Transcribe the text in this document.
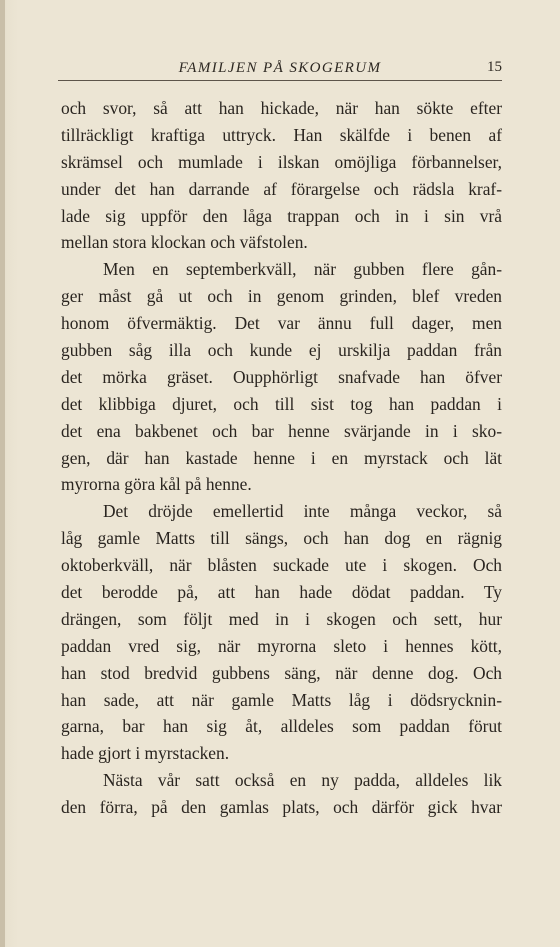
FAMILJEN PÅ SKOGERUM	15
och svor, så att han hickade, när han sökte efter
tillräckligt kraftiga uttryck. Han skälfde i benen af
skrämsel och mumlade i ilskan omöjliga förbannelser,
under det han darrande af förargelse och rädsla kraf-
lade sig uppför den låga trappan och in i sin vrå
mellan stora klockan och väfstolen.
Men en septemberkväll, när gubben flere gån-
ger måst gå ut och in genom grinden, blef vreden
honom öfvermäktig. Det var ännu full dager, men
gubben såg illa och kunde ej urskilja paddan från
det mörka gräset. Oupphörligt snafvade han öfver
det klibbiga djuret, och till sist tog han paddan i
det ena bakbenet och bar henne svärjande in i sko-
gen, där han kastade henne i en myrstack och lät
myrorna göra kål på henne.
Det dröjde emellertid inte många veckor, så
låg gamle Matts till sängs, och han dog en rägnig
oktoberkväll, när blåsten suckade ute i skogen. Och
det berodde på, att han hade dödat paddan. Ty
drängen, som följt med in i skogen och sett, hur
paddan vred sig, när myrorna sleto i hennes kött,
han stod bredvid gubbens säng, när denne dog. Och
han sade, att när gamle Matts låg i dödsrycknin-
garna, bar han sig åt, alldeles som paddan förut
hade gjort i myrstacken.
Nästa vår satt också en ny padda, alldeles lik
den förra, på den gamlas plats, och därför gick hvar
